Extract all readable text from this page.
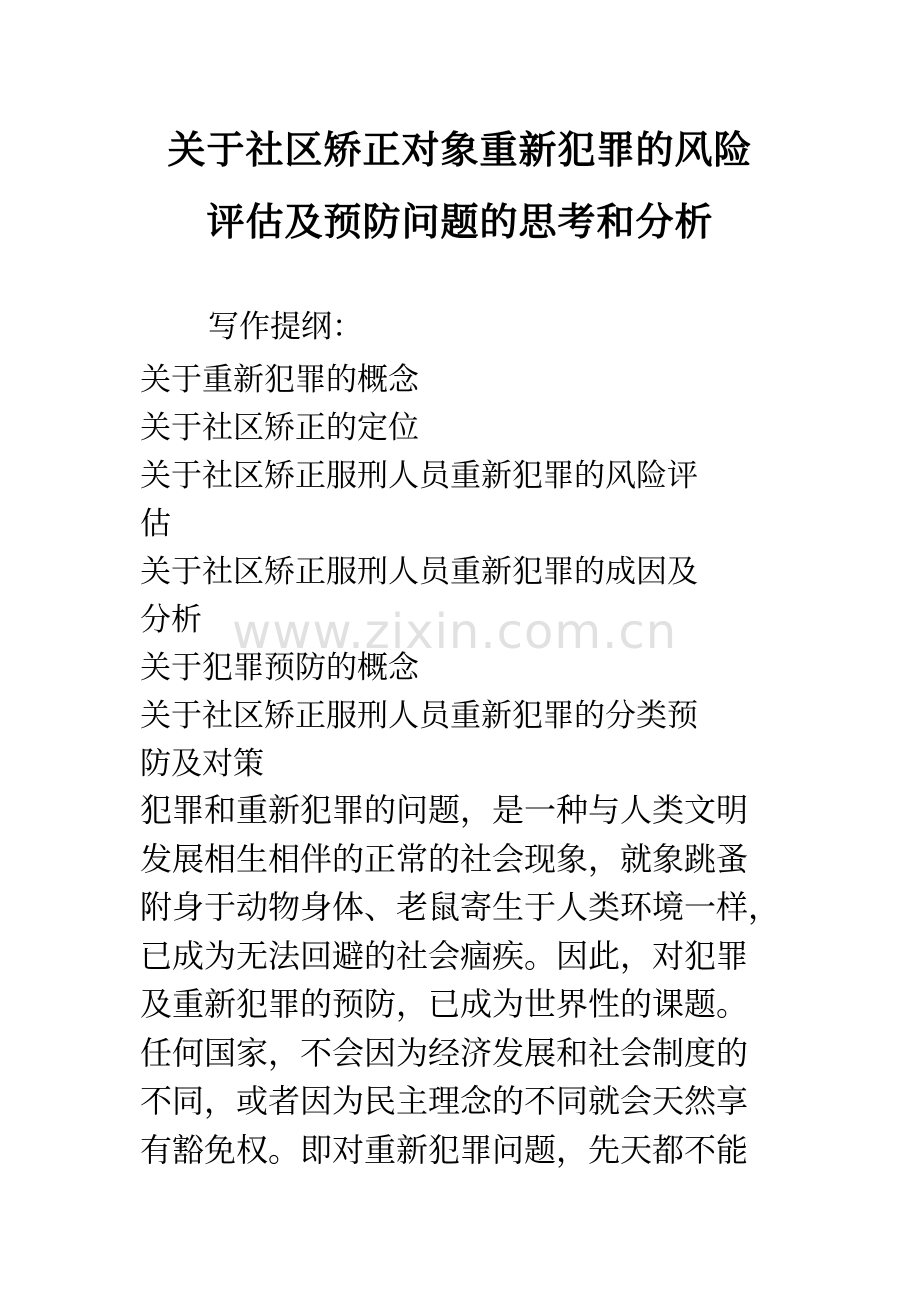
关于社区矫正对象重新犯罪的风险
评估及预防问题的思考和分析
写作提纲：
关于重新犯罪的概念
关于社区矫正的定位
关于社区矫正服刑人员重新犯罪的风险评
估
关于社区矫正服刑人员重新犯罪的成因及
分析
关于犯罪预防的概念
关于社区矫正服刑人员重新犯罪的分类预
防及对策

犯罪和重新犯罪的问题，是一种与人类文明
发展相生相伴的正常的社会现象，就象跳蚤
附身于动物身体、老鼠寄生于人类环境一样，
已成为无法回避的社会痼疾。因此，对犯罪
及重新犯罪的预防，已成为世界性的课题。
任何国家，不会因为经济发展和社会制度的
不同，或者因为民主理念的不同就会天然享
有豁免权。即对重新犯罪问题，先天都不能

www.zixin.com.cn
